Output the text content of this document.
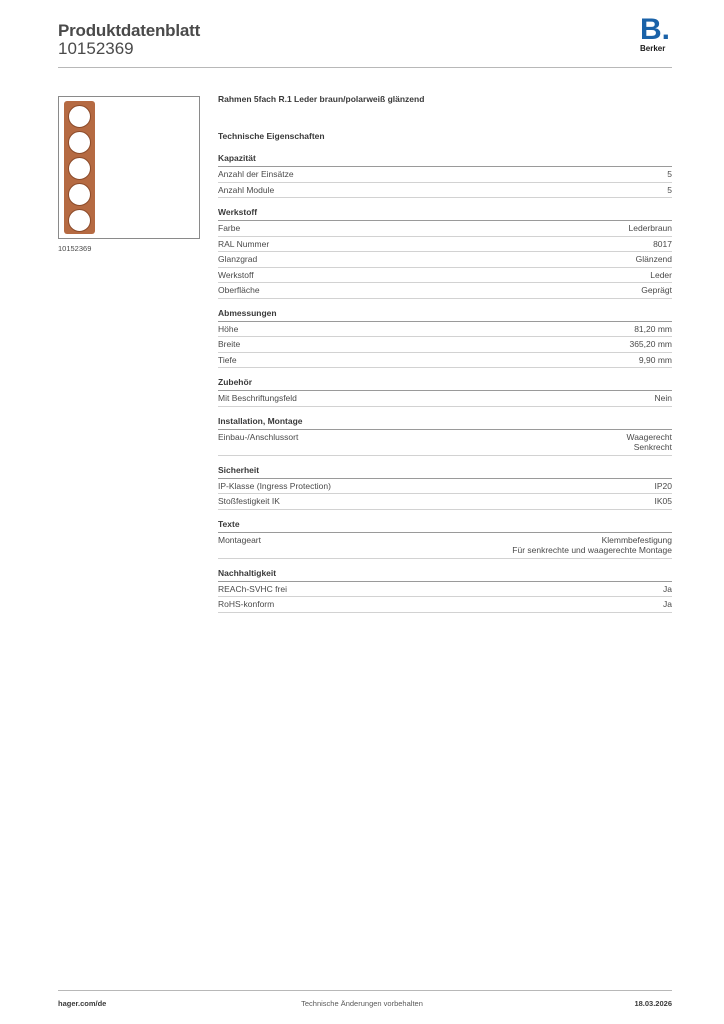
Produktdatenblatt
10152369
B.
Berker
10152369
Rahmen 5fach R.1 Leder braun/polarweiß glänzend
Technische Eigenschaften
Kapazität
Anzahl der Einsätze	5
Anzahl Module	5
Werkstoff
Farbe	Lederbraun
RAL Nummer	8017
Glanzgrad	Glänzend
Werkstoff	Leder
Oberfläche	Geprägt
Abmessungen
Höhe	81,20 mm
Breite	365,20 mm
Tiefe	9,90 mm
Zubehör
Mit Beschriftungsfeld	Nein
Installation, Montage
Einbau-/Anschlussort	Waagerecht
Senkrecht
Sicherheit
IP-Klasse (Ingress Protection)	IP20
Stoßfestigkeit IK	IK05
Texte
Montageart	Klemmbefestigung
Für senkrechte und waagerechte Montage
Nachhaltigkeit
REACh-SVHC frei	Ja
RoHS-konform	Ja
hager.com/de	Technische Änderungen vorbehalten	18.03.2026
